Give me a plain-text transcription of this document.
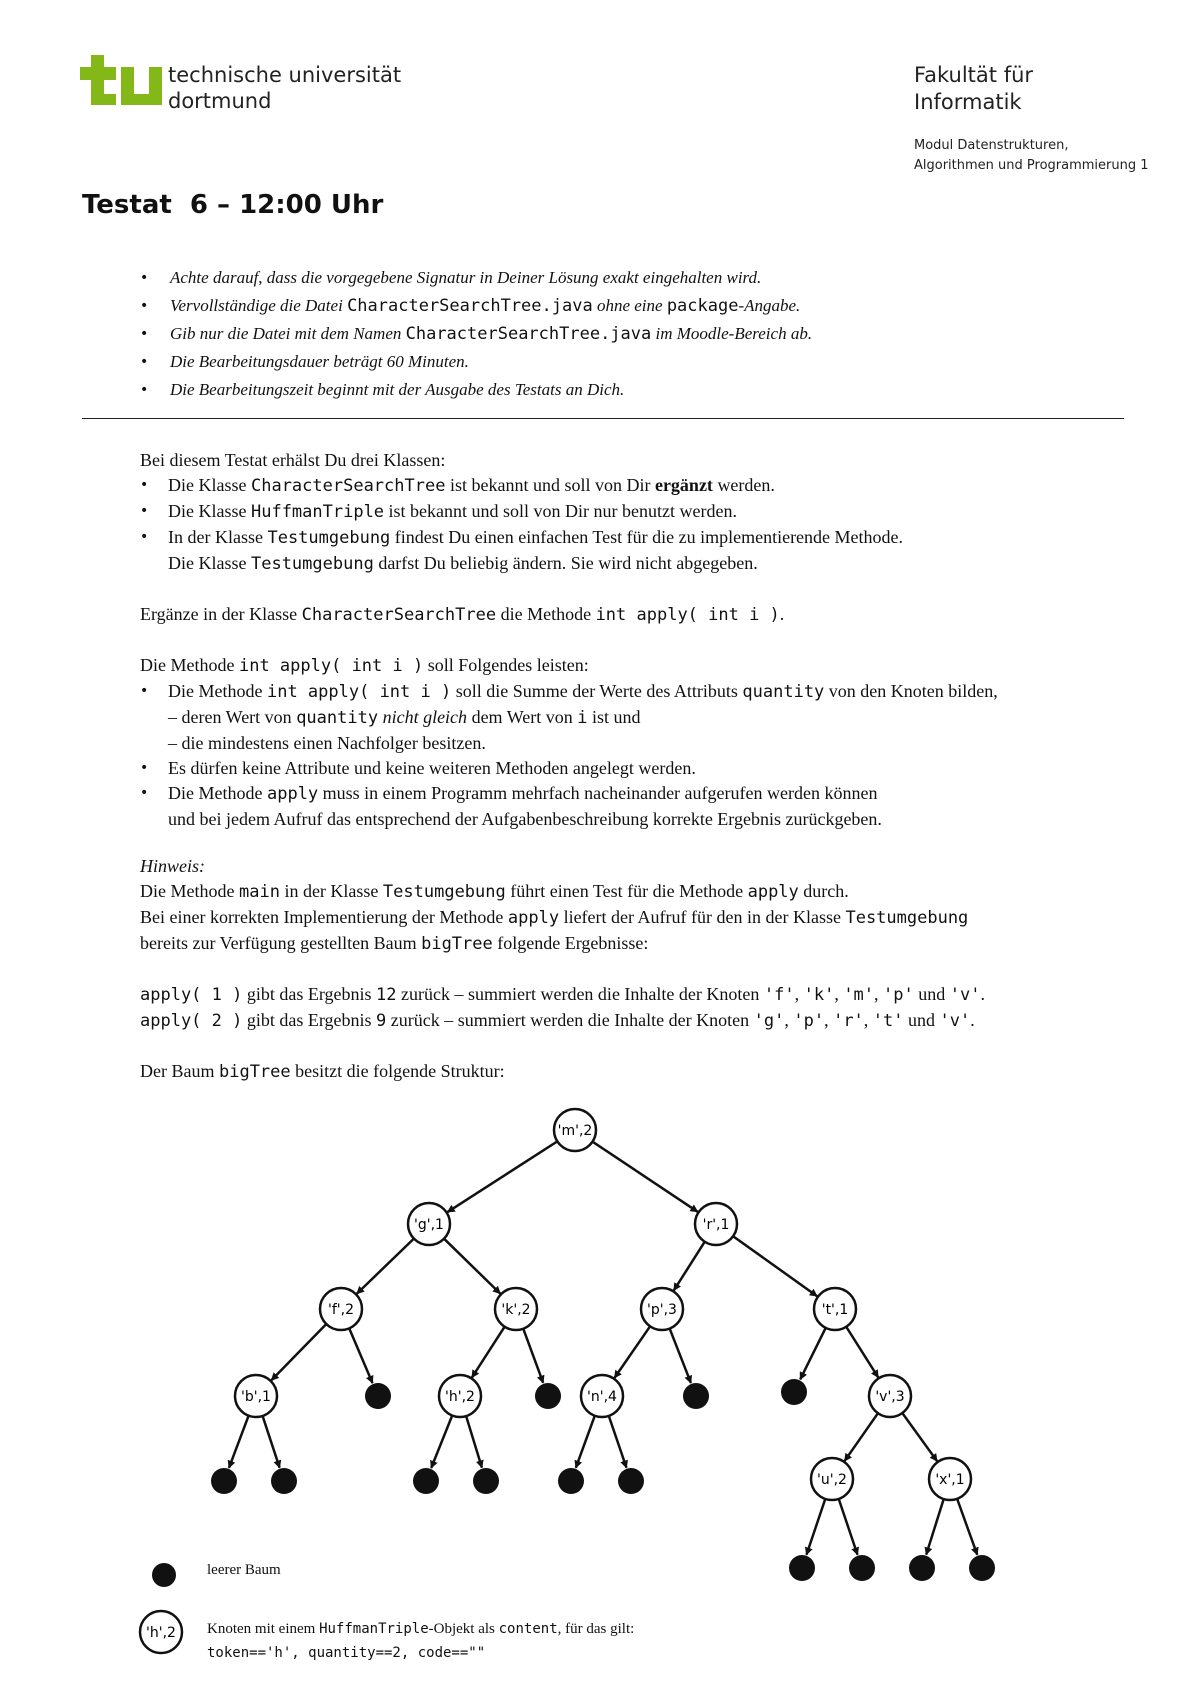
technische universität
dortmund
Fakultät für
Informatik
Modul Datenstrukturen,
Algorithmen und Programmierung 1
Testat  6 – 12:00 Uhr
• Achte darauf, dass die vorgegebene Signatur in Deiner Lösung exakt eingehalten wird.
• Vervollständige die Datei CharacterSearchTree.java ohne eine package-Angabe.
• Gib nur die Datei mit dem Namen CharacterSearchTree.java im Moodle-Bereich ab.
• Die Bearbeitungsdauer beträgt 60 Minuten.
• Die Bearbeitungszeit beginnt mit der Ausgabe des Testats an Dich.

Bei diesem Testat erhälst Du drei Klassen:

• Die Klasse CharacterSearchTree ist bekannt und soll von Dir ergänzt werden.
• Die Klasse HuffmanTriple ist bekannt und soll von Dir nur benutzt werden.
• In der Klasse Testumgebung findest Du einen einfachen Test für die zu implementierende Methode.
Die Klasse Testumgebung darfst Du beliebig ändern. Sie wird nicht abgegeben.

Ergänze in der Klasse CharacterSearchTree die Methode int apply( int i ).

Die Methode int apply( int i ) soll Folgendes leisten:

• Die Methode int apply( int i ) soll die Summe der Werte des Attributs quantity von den Knoten bilden,
– deren Wert von quantity nicht gleich dem Wert von i ist und
– die mindestens einen Nachfolger besitzen.
• Es dürfen keine Attribute und keine weiteren Methoden angelegt werden.
• Die Methode apply muss in einem Programm mehrfach nacheinander aufgerufen werden können
und bei jedem Aufruf das entsprechend der Aufgabenbeschreibung korrekte Ergebnis zurückgeben.

Hinweis:

Die Methode main in der Klasse Testumgebung führt einen Test für die Methode apply durch.

Bei einer korrekten Implementierung der Methode apply liefert der Aufruf für den in der Klasse Testumgebung

bereits zur Verfügung gestellten Baum bigTree folgende Ergebnisse:

apply( 1 ) gibt das Ergebnis 12 zurück – summiert werden die Inhalte der Knoten 'f', 'k', 'm', 'p' und 'v'.

apply( 2 ) gibt das Ergebnis 9 zurück – summiert werden die Inhalte der Knoten 'g', 'p', 'r', 't' und 'v'.

Der Baum bigTree besitzt die folgende Struktur:

'm',2
'g',1	'r',1
'f',2	'k',2	'p',3	't',1
'b',1	'h',2	'n',4	'v',3
'u',2	'x',1
'h',2
leerer Baum
Knoten mit einem HuffmanTriple-Objekt als content, für das gilt:
token=='h', quantity==2, code==""
